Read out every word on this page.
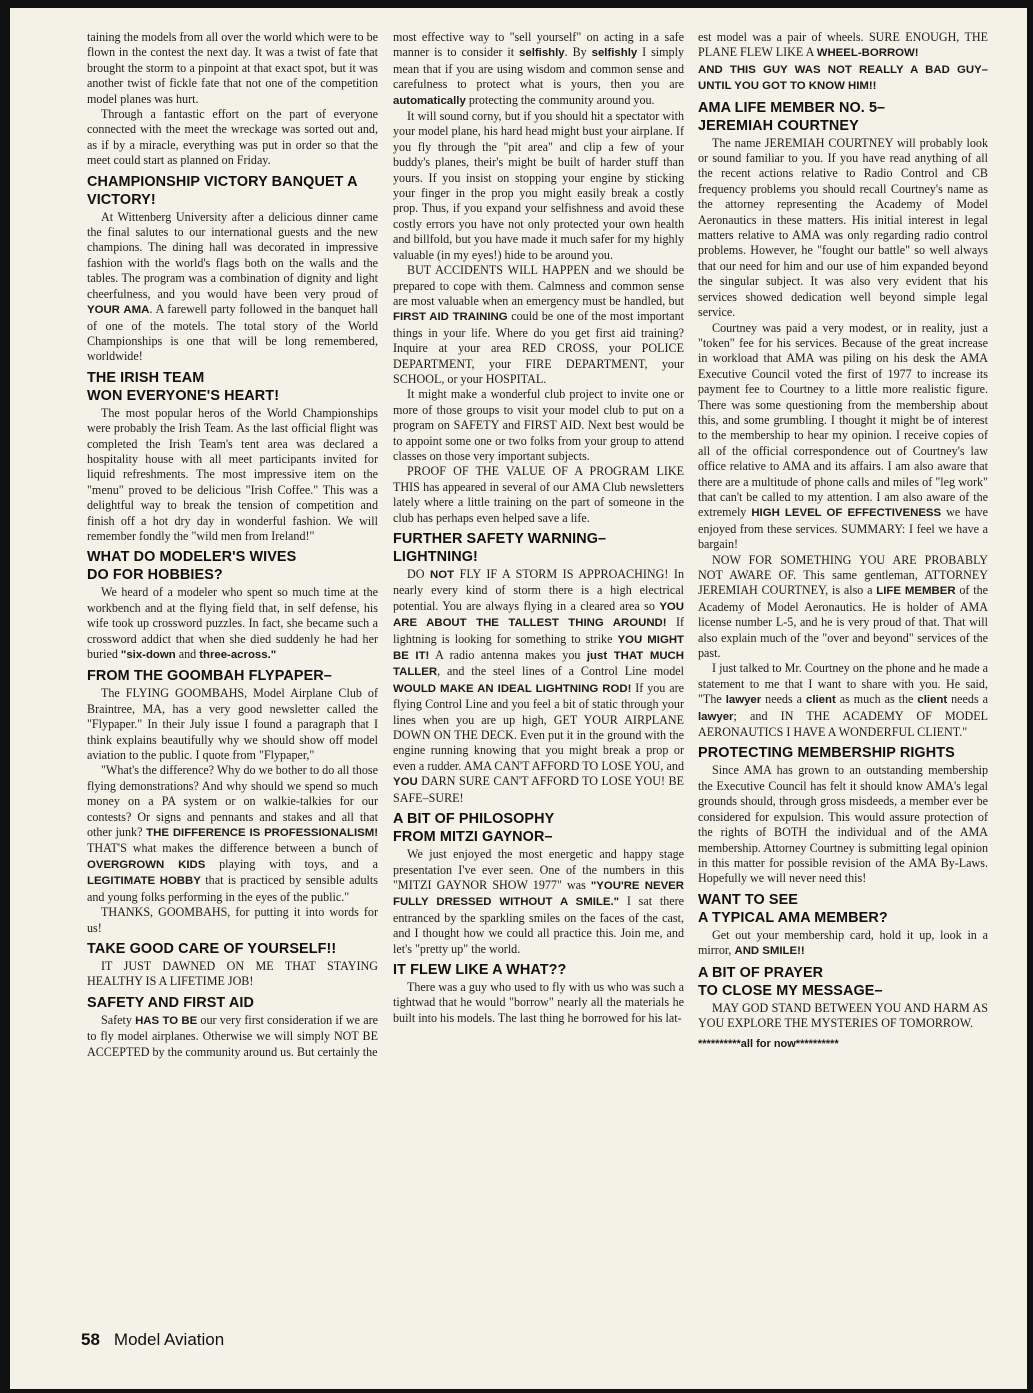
taining the models from all over the world which were to be flown in the contest the next day. It was a twist of fate that brought the storm to a pinpoint at that exact spot, but it was another twist of fickle fate that not one of the competition model planes was hurt.

Through a fantastic effort on the part of everyone connected with the meet the wreckage was sorted out and, as if by a miracle, everything was put in order so that the meet could start as planned on Friday.

CHAMPIONSHIP VICTORY BANQUET A VICTORY!

At Wittenberg University after a delicious dinner came the final salutes to our international guests and the new champions. The dining hall was decorated in impressive fashion with the world's flags both on the walls and the tables. The program was a combination of dignity and light cheerfulness, and you would have been very proud of YOUR AMA. A farewell party followed in the banquet hall of one of the motels. The total story of the World Championships is one that will be long remembered, worldwide!

THE IRISH TEAM
WON EVERYONE'S HEART!

The most popular heros of the World Championships were probably the Irish Team. As the last official flight was completed the Irish Team's tent area was declared a hospitality house with all meet participants invited for liquid refreshments. The most impressive item on the "menu" proved to be delicious "Irish Coffee." This was a delightful way to break the tension of competition and finish off a hot dry day in wonderful fashion. We will remember fondly the "wild men from Ireland!"

WHAT DO MODELER'S WIVES
DO FOR HOBBIES?

We heard of a modeler who spent so much time at the workbench and at the flying field that, in self defense, his wife took up crossword puzzles. In fact, she became such a crossword addict that when she died suddenly he had her buried "six-down and three-across."

FROM THE GOOMBAH FLYPAPER–

The FLYING GOOMBAHS, Model Airplane Club of Braintree, MA, has a very good newsletter called the "Flypaper." In their July issue I found a paragraph that I think explains beautifully why we should show off model aviation to the public. I quote from "Flypaper,"

"What's the difference? Why do we bother to do all those flying demonstrations? And why should we spend so much money on a PA system or on walkie-talkies for our contests? Or signs and pennants and stakes and all that other junk? THE DIFFERENCE IS PROFESSIONALISM! THAT'S what makes the difference between a bunch of OVERGROWN KIDS playing with toys, and a LEGITIMATE HOBBY that is practiced by sensible adults and young folks performing in the eyes of the public."

THANKS, GOOMBAHS, for putting it into words for us!

TAKE GOOD CARE OF YOURSELF!!

IT JUST DAWNED ON ME THAT STAYING HEALTHY IS A LIFETIME JOB!

SAFETY AND FIRST AID

Safety HAS TO BE our very first consideration if we are to fly model airplanes. Otherwise we will simply NOT BE ACCEPTED by the community around us. But certainly the

most effective way to "sell yourself" on acting in a safe manner is to consider it selfishly. By selfishly I simply mean that if you are using wisdom and common sense and carefulness to protect what is yours, then you are automatically protecting the community around you.

It will sound corny, but if you should hit a spectator with your model plane, his hard head might bust your airplane. If you fly through the "pit area" and clip a few of your buddy's planes, their's might be built of harder stuff than yours. If you insist on stopping your engine by sticking your finger in the prop you might easily break a costly prop. Thus, if you expand your selfishness and avoid these costly errors you have not only protected your own health and billfold, but you have made it much safer for my highly valuable (in my eyes!) hide to be around you.

BUT ACCIDENTS WILL HAPPEN and we should be prepared to cope with them. Calmness and common sense are most valuable when an emergency must be handled, but FIRST AID TRAINING could be one of the most important things in your life. Where do you get first aid training? Inquire at your area RED CROSS, your POLICE DEPARTMENT, your FIRE DEPARTMENT, your SCHOOL, or your HOSPITAL.

It might make a wonderful club project to invite one or more of those groups to visit your model club to put on a program on SAFETY and FIRST AID. Next best would be to appoint some one or two folks from your group to attend classes on those very important subjects.

PROOF OF THE VALUE OF A PROGRAM LIKE THIS has appeared in several of our AMA Club newsletters lately where a little training on the part of someone in the club has perhaps even helped save a life.

FURTHER SAFETY WARNING– LIGHTNING!

DO NOT FLY IF A STORM IS APPROACHING! In nearly every kind of storm there is a high electrical potential. You are always flying in a cleared area so YOU ARE ABOUT THE TALLEST THING AROUND! If lightning is looking for something to strike YOU MIGHT BE IT! A radio antenna makes you just THAT MUCH TALLER, and the steel lines of a Control Line model WOULD MAKE AN IDEAL LIGHTNING ROD! If you are flying Control Line and you feel a bit of static through your lines when you are up high, GET YOUR AIRPLANE DOWN ON THE DECK. Even put it in the ground with the engine running knowing that you might break a prop or even a rudder. AMA CAN'T AFFORD TO LOSE YOU, and YOU DARN SURE CAN'T AFFORD TO LOSE YOU! BE SAFE–SURE!

A BIT OF PHILOSOPHY
FROM MITZI GAYNOR–

We just enjoyed the most energetic and happy stage presentation I've ever seen. One of the numbers in this "MITZI GAYNOR SHOW 1977" was "YOU'RE NEVER FULLY DRESSED WITHOUT A SMILE." I sat there entranced by the sparkling smiles on the faces of the cast, and I thought how we could all practice this. Join me, and let's "pretty up" the world.

IT FLEW LIKE A WHAT??

There was a guy who used to fly with us who was such a tightwad that he would "borrow" nearly all the materials he built into his models. The last thing he borrowed for his lat-

est model was a pair of wheels. SURE ENOUGH, THE PLANE FLEW LIKE A WHEEL-BORROW!

AND THIS GUY WAS NOT REALLY A BAD GUY–UNTIL YOU GOT TO KNOW HIM!!

AMA LIFE MEMBER NO. 5–
JEREMIAH COURTNEY

The name JEREMIAH COURTNEY will probably look or sound familiar to you. If you have read anything of all the recent actions relative to Radio Control and CB frequency problems you should recall Courtney's name as the attorney representing the Academy of Model Aeronautics in these matters. His initial interest in legal matters relative to AMA was only regarding radio control problems. However, he "fought our battle" so well always that our need for him and our use of him expanded beyond the singular subject. It was also very evident that his services showed dedication well beyond simple legal service.

Courtney was paid a very modest, or in reality, just a "token" fee for his services. Because of the great increase in workload that AMA was piling on his desk the AMA Executive Council voted the first of 1977 to increase its payment fee to Courtney to a little more realistic figure. There was some questioning from the membership about this, and some grumbling. I thought it might be of interest to the membership to hear my opinion. I receive copies of all of the official correspondence out of Courtney's law office relative to AMA and its affairs. I am also aware that there are a multitude of phone calls and miles of "leg work" that can't be called to my attention. I am also aware of the extremely HIGH LEVEL OF EFFECTIVENESS we have enjoyed from these services. SUMMARY: I feel we have a bargain!

NOW FOR SOMETHING YOU ARE PROBABLY NOT AWARE OF. This same gentleman, ATTORNEY JEREMIAH COURTNEY, is also a LIFE MEMBER of the Academy of Model Aeronautics. He is holder of AMA license number L-5, and he is very proud of that. That will also explain much of the "over and beyond" services of the past.

I just talked to Mr. Courtney on the phone and he made a statement to me that I want to share with you. He said, "The lawyer needs a client as much as the client needs a lawyer; and IN THE ACADEMY OF MODEL AERONAUTICS I HAVE A WONDERFUL CLIENT."

PROTECTING MEMBERSHIP RIGHTS

Since AMA has grown to an outstanding membership the Executive Council has felt it should know AMA's legal grounds should, through gross misdeeds, a member ever be considered for expulsion. This would assure protection of the rights of BOTH the individual and of the AMA membership. Attorney Courtney is submitting legal opinion in this matter for possible revision of the AMA By-Laws. Hopefully we will never need this!

WANT TO SEE
A TYPICAL AMA MEMBER?

Get out your membership card, hold it up, look in a mirror, AND SMILE!!

A BIT OF PRAYER
TO CLOSE MY MESSAGE–

MAY GOD STAND BETWEEN YOU AND HARM AS YOU EXPLORE THE MYSTERIES OF TOMORROW.

**********all for now**********

58 Model Aviation
